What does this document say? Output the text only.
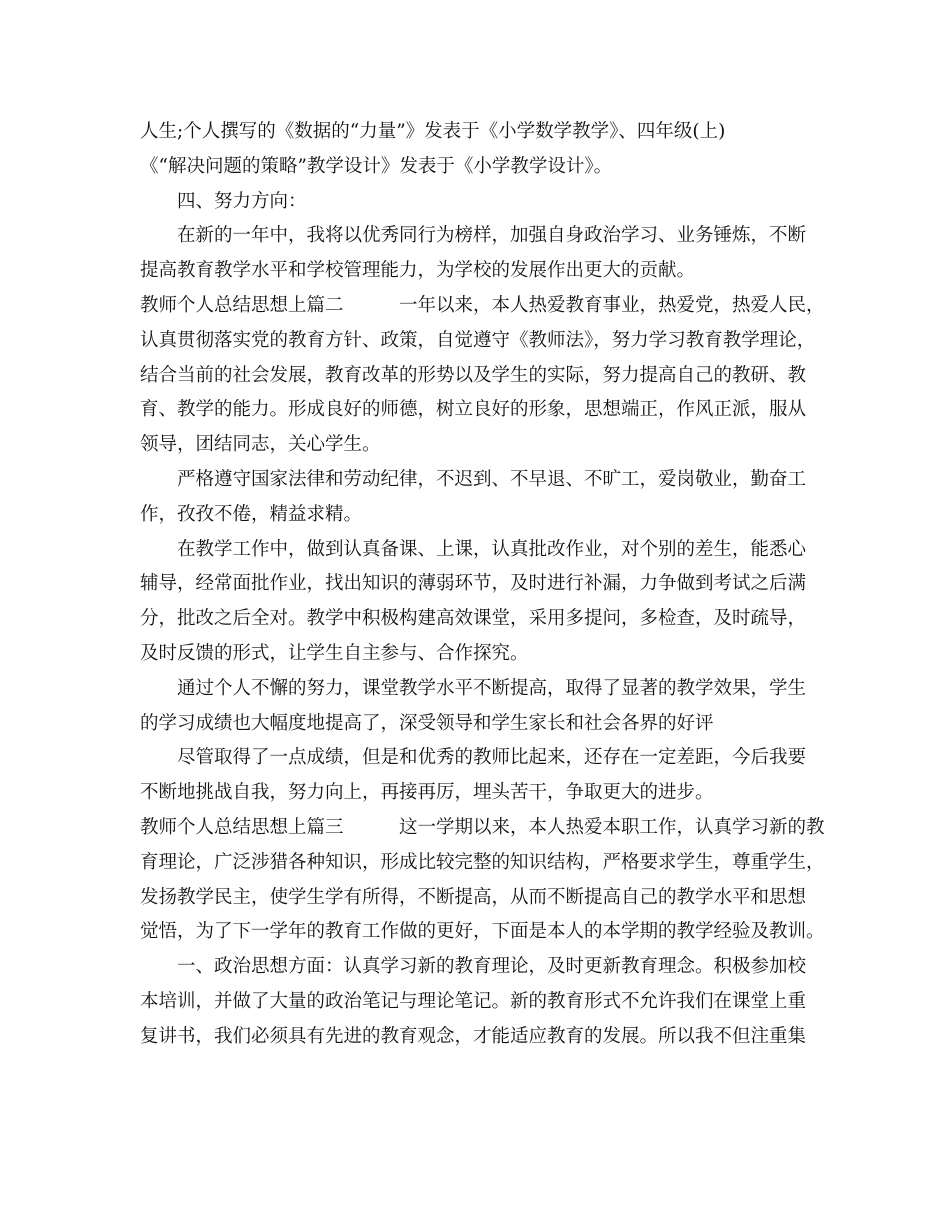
人生;个人撰写的《数据的“力量”》发表于《小学数学教学》、四年级(上)
《“解决问题的策略”教学设计》发表于《小学教学设计》。
　　四、努力方向：
　　在新的一年中，我将以优秀同行为榜样，加强自身政治学习、业务锤炼，不断
提高教育教学水平和学校管理能力，为学校的发展作出更大的贡献。
教师个人总结思想上篇二　　　一年以来，本人热爱教育事业，热爱党，热爱人民，
认真贯彻落实党的教育方针、政策，自觉遵守《教师法》，努力学习教育教学理论，
结合当前的社会发展，教育改革的形势以及学生的实际，努力提高自己的教研、教
育、教学的能力。形成良好的师德，树立良好的形象，思想端正，作风正派，服从
领导，团结同志，关心学生。
　　严格遵守国家法律和劳动纪律，不迟到、不早退、不旷工，爱岗敬业，勤奋工
作，孜孜不倦，精益求精。
　　在教学工作中，做到认真备课、上课，认真批改作业，对个别的差生，能悉心
辅导，经常面批作业，找出知识的薄弱环节，及时进行补漏，力争做到考试之后满
分，批改之后全对。教学中积极构建高效课堂，采用多提问，多检查，及时疏导，
及时反馈的形式，让学生自主参与、合作探究。
　　通过个人不懈的努力，课堂教学水平不断提高，取得了显著的教学效果，学生
的学习成绩也大幅度地提高了，深受领导和学生家长和社会各界的好评
　　尽管取得了一点成绩，但是和优秀的教师比起来，还存在一定差距，今后我要
不断地挑战自我，努力向上，再接再厉，埋头苦干，争取更大的进步。
教师个人总结思想上篇三　　　这一学期以来，本人热爱本职工作，认真学习新的教
育理论，广泛涉猎各种知识，形成比较完整的知识结构，严格要求学生，尊重学生，
发扬教学民主，使学生学有所得，不断提高，从而不断提高自己的教学水平和思想
觉悟，为了下一学年的教育工作做的更好，下面是本人的本学期的教学经验及教训。
　　一、政治思想方面：认真学习新的教育理论，及时更新教育理念。积极参加校
本培训，并做了大量的政治笔记与理论笔记。新的教育形式不允许我们在课堂上重
复讲书，我们必须具有先进的教育观念，才能适应教育的发展。所以我不但注重集
